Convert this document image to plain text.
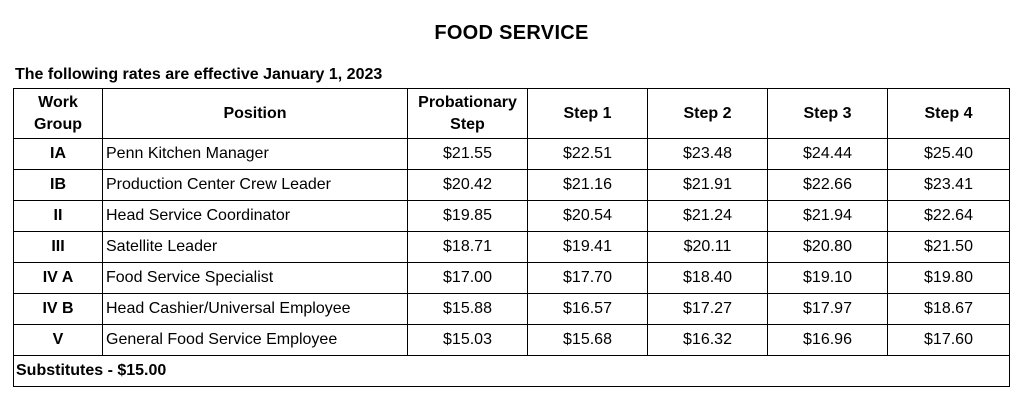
FOOD SERVICE
The following rates are effective January 1, 2023
Work Group	Position	Probationary Step	Step 1	Step 2	Step 3	Step 4
IA	Penn Kitchen Manager	$21.55	$22.51	$23.48	$24.44	$25.40
IB	Production Center Crew Leader	$20.42	$21.16	$21.91	$22.66	$23.41
II	Head Service Coordinator	$19.85	$20.54	$21.24	$21.94	$22.64
III	Satellite Leader	$18.71	$19.41	$20.11	$20.80	$21.50
IV A	Food Service Specialist	$17.00	$17.70	$18.40	$19.10	$19.80
IV B	Head Cashier/Universal Employee	$15.88	$16.57	$17.27	$17.97	$18.67
V	General Food Service Employee	$15.03	$15.68	$16.32	$16.96	$17.60
Substitutes - $15.00						
